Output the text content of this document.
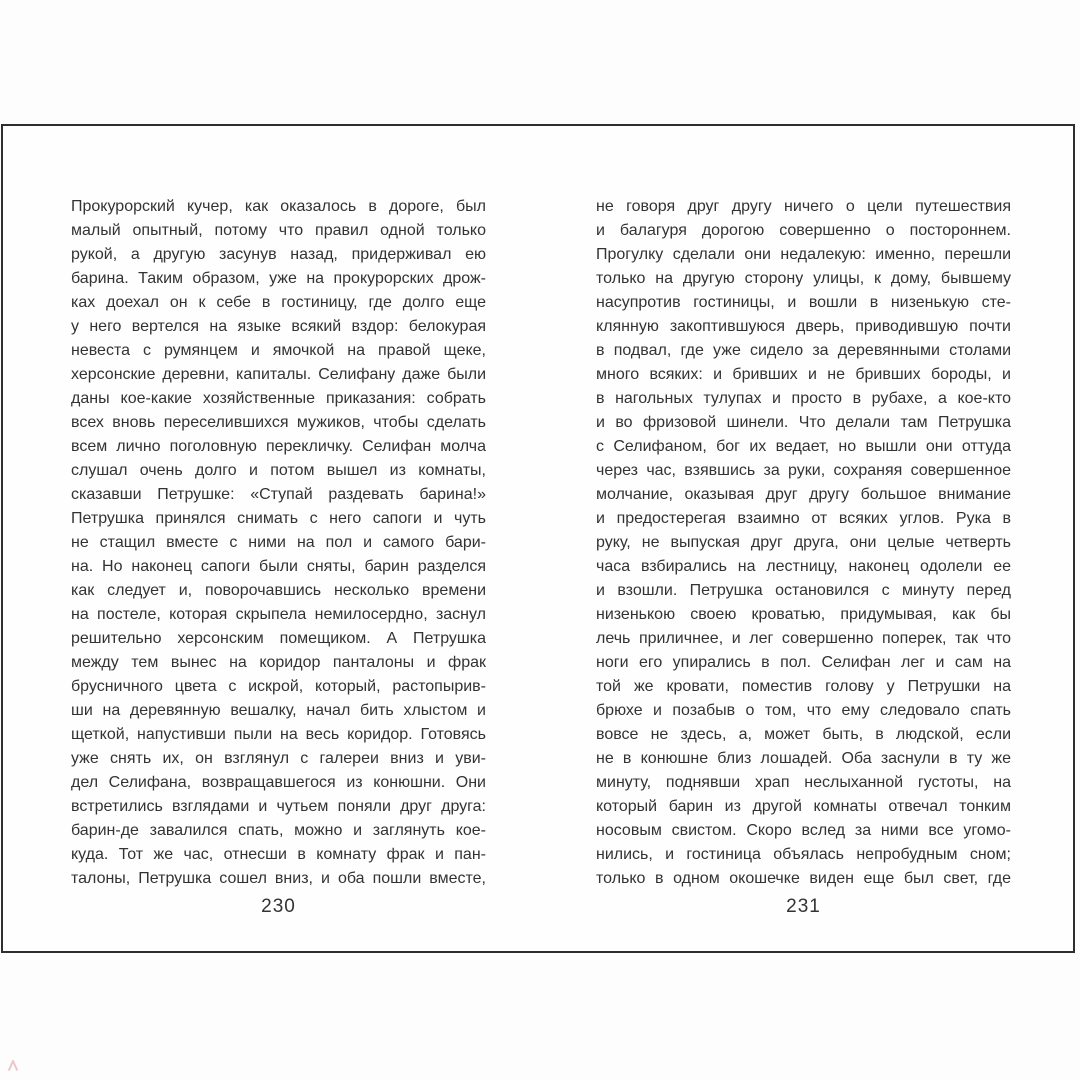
Прокурорский кучер, как оказалось в дороге, был
малый опытный, потому что правил одной только
рукой, а другую засунув назад, придерживал ею
барина. Таким образом, уже на прокурорских дрож-
ках доехал он к себе в гостиницу, где долго еще
у него вертелся на языке всякий вздор: белокурая
невеста с румянцем и ямочкой на правой щеке,
херсонские деревни, капиталы. Селифану даже были
даны кое-какие хозяйственные приказания: собрать
всех вновь переселившихся мужиков, чтобы сделать
всем лично поголовную перекличку. Селифан молча
слушал очень долго и потом вышел из комнаты,
сказавши Петрушке: «Ступай раздевать барина!»
Петрушка принялся снимать с него сапоги и чуть
не стащил вместе с ними на пол и самого бари-
на. Но наконец сапоги были сняты, барин разделся
как следует и, поворочавшись несколько времени
на постеле, которая скрыпела немилосердно, заснул
решительно херсонским помещиком. А Петрушка
между тем вынес на коридор панталоны и фрак
брусничного цвета с искрой, который, растопырив-
ши на деревянную вешалку, начал бить хлыстом и
щеткой, напустивши пыли на весь коридор. Готовясь
уже снять их, он взглянул с галереи вниз и уви-
дел Селифана, возвращавшегося из конюшни. Они
встретились взглядами и чутьем поняли друг друга:
барин-де завалился спать, можно и заглянуть кое-
куда. Тот же час, отнесши в комнату фрак и пан-
талоны, Петрушка сошел вниз, и оба пошли вместе,
не говоря друг другу ничего о цели путешествия
и балагуря дорогою совершенно о постороннем.
Прогулку сделали они недалекую: именно, перешли
только на другую сторону улицы, к дому, бывшему
насупротив гостиницы, и вошли в низенькую сте-
клянную закоптившуюся дверь, приводившую почти
в подвал, где уже сидело за деревянными столами
много всяких: и бривших и не бривших бороды, и
в нагольных тулупах и просто в рубахе, а кое-кто
и во фризовой шинели. Что делали там Петрушка
с Селифаном, бог их ведает, но вышли они оттуда
через час, взявшись за руки, сохраняя совершенное
молчание, оказывая друг другу большое внимание
и предостерегая взаимно от всяких углов. Рука в
руку, не выпуская друг друга, они целые четверть
часа взбирались на лестницу, наконец одолели ее
и взошли. Петрушка остановился с минуту перед
низенькою своею кроватью, придумывая, как бы
лечь приличнее, и лег совершенно поперек, так что
ноги его упирались в пол. Селифан лег и сам на
той же кровати, поместив голову у Петрушки на
брюхе и позабыв о том, что ему следовало спать
вовсе не здесь, а, может быть, в людской, если
не в конюшне близ лошадей. Оба заснули в ту же
минуту, поднявши храп неслыханной густоты, на
который барин из другой комнаты отвечал тонким
носовым свистом. Скоро вслед за ними все угомо-
нились, и гостиница объялась непробудным сном;
только в одном окошечке виден еще был свет, где
230	231
